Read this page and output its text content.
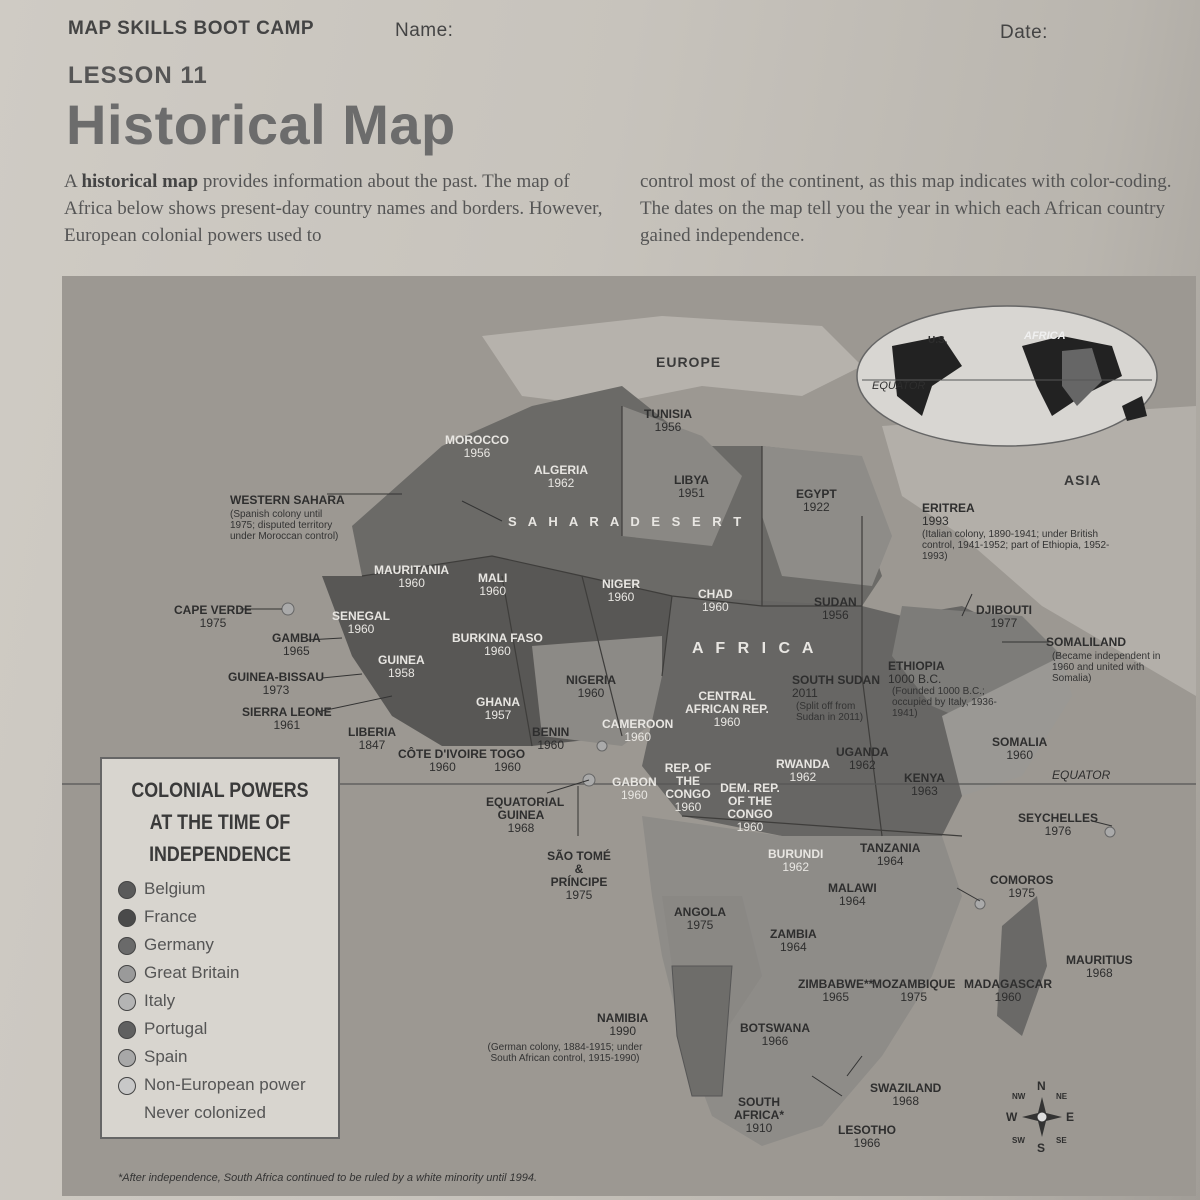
MAP SKILLS BOOT CAMP	Name:	Date:
LESSON 11
Historical Map
A historical map provides information about the past. The map of Africa below shows present-day country names and borders. However, European colonial powers used to
control most of the continent, as this map indicates with color-coding. The dates on the map tell you the year in which each African country gained independence.
EUROPE
ASIA
A F R I C A
S A H A R A D E S E R T
EQUATOR
U.S.	AFRICA
EQUATOR
MOROCCO
1956
TUNISIA
1956
ALGERIA
1962	LIBYA
1951	EGYPT
1922
WESTERN SAHARA
(Spanish colony until 1975; disputed territory under Moroccan control)
ERITREA
1993
(Italian colony, 1890-1941; under British control, 1941-1952; part of Ethiopia, 1952-1993)
MAURITANIA
1960	MALI
1960	NIGER
1960	CHAD
1960	SUDAN
1956	DJIBOUTI
1977
CAPE VERDE
1975	SENEGAL
1960
GAMBIA
1965
GUINEA
1958
GUINEA-BISSAU
1973
SIERRA LEONE
1961	LIBERIA
1847
BURKINA FASO
1960
NIGERIA
1960
SOMALILAND
(Became independent in 1960 and united with Somalia)
ETHIOPIA
1000 B.C.
(Founded 1000 B.C.; occupied by Italy, 1936-1941)
SOUTH SUDAN
2011
(Split off from Sudan in 2011)
CENTRAL AFRICAN REP.
1960
GHANA
1957
BENIN
1960
CAMEROON
1960
CÔTE D'IVOIRE
1960
TOGO
1960
SOMALIA
1960
UGANDA
1962
RWANDA
1962	KENYA
1963
GABON
1960
REP. OF THE CONGO
1960
DEM. REP. OF THE CONGO
1960
EQUATORIAL GUINEA
1968
SEYCHELLES
1976
TANZANIA
1964
BURUNDI
1962
SÃO TOMÉ & PRÍNCIPE
1975
COMOROS
1975
MALAWI
1964
ANGOLA
1975
ZAMBIA
1964
MAURITIUS
1968
ZIMBABWE**
1965
MOZAMBIQUE
1975
MADAGASCAR
1960
NAMIBIA
1990
(German colony, 1884-1915; under South African control, 1915-1990)
BOTSWANA
1966
SWAZILAND
1968
SOUTH AFRICA*
1910	LESOTHO
1966
N
S
E
W
NW	NE
SW	SE
COLONIAL POWERS AT THE TIME OF INDEPENDENCE
Belgium
France
Germany
Great Britain
Italy
Portugal
Spain
Non-European power
Never colonized
*After independence, South Africa continued to be ruled by a white minority until 1994.
